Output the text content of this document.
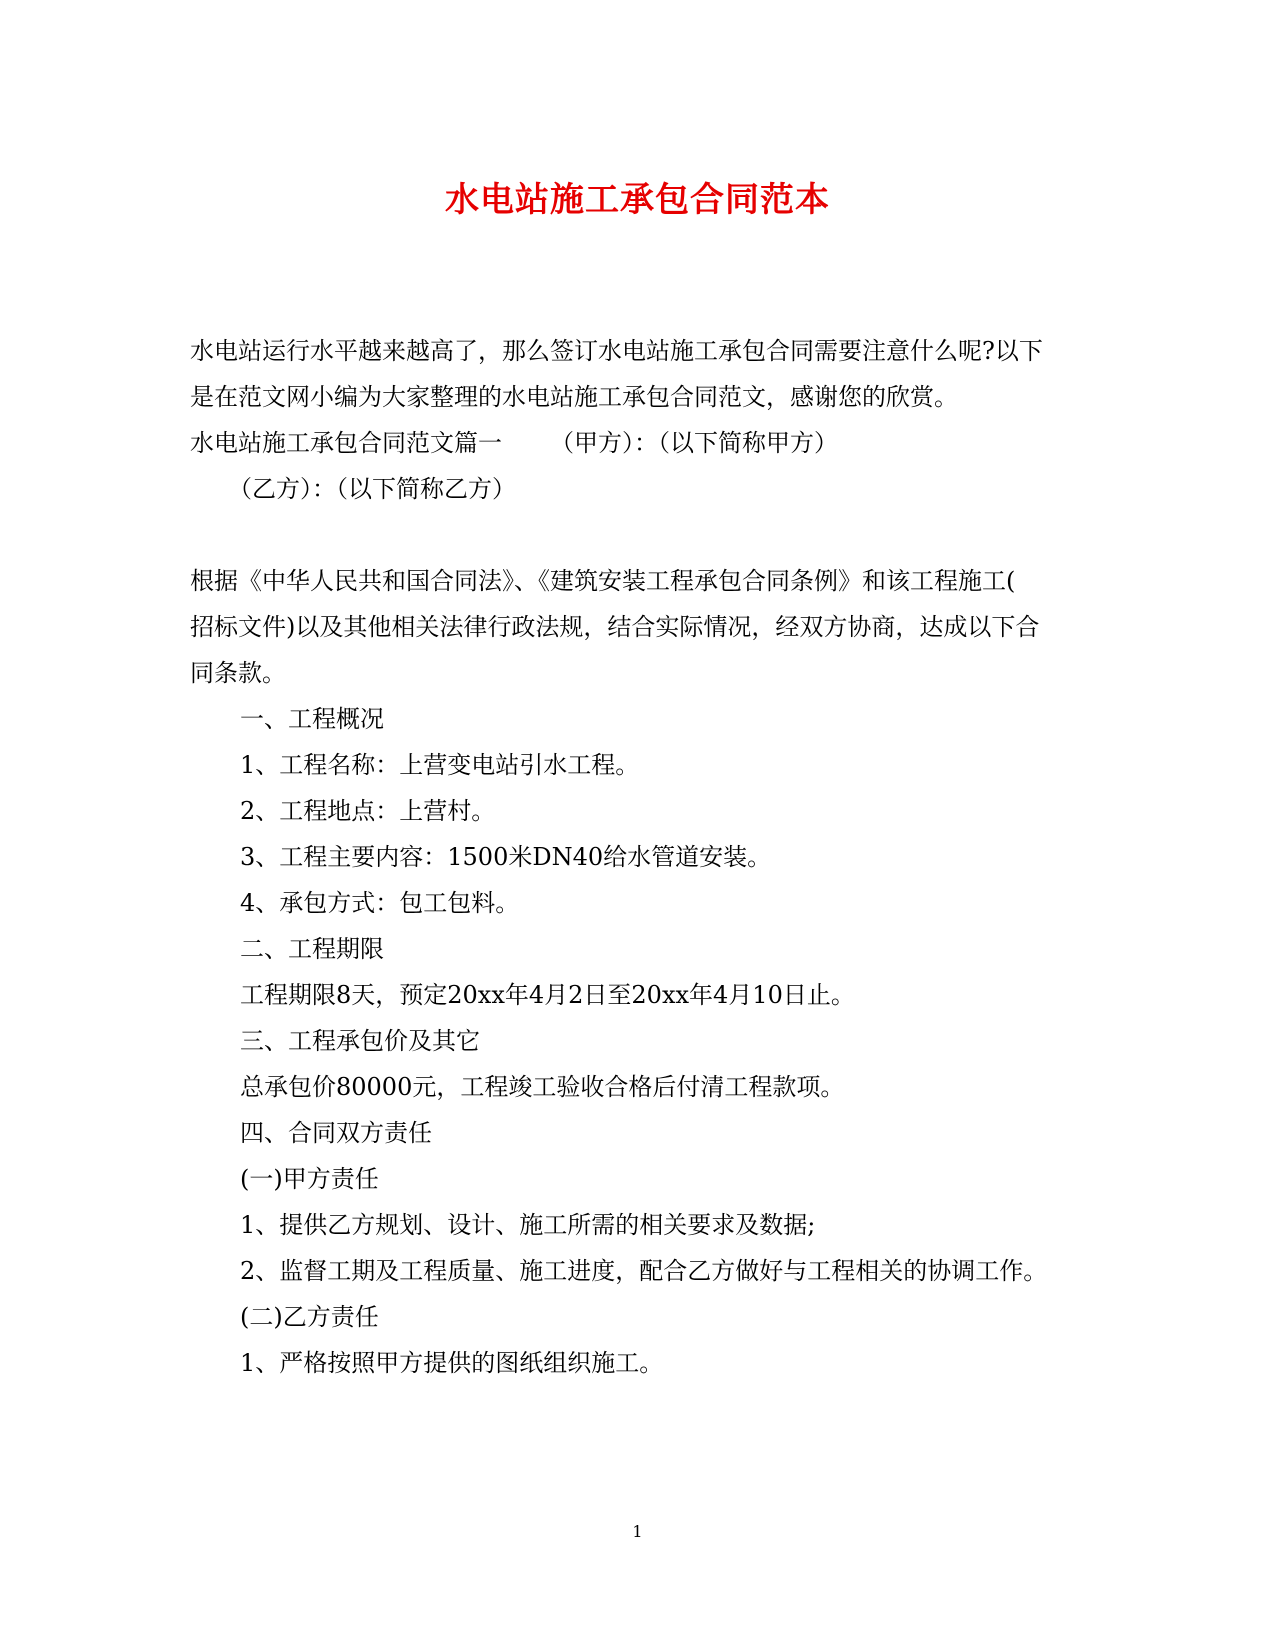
水电站施工承包合同范本
水电站运行水平越来越高了，那么签订水电站施工承包合同需要注意什么呢?以下
是在范文网小编为大家整理的水电站施工承包合同范文，感谢您的欣赏。
水电站施工承包合同范文篇一 （甲方）：（以下简称甲方）
（乙方）：（以下简称乙方）
根据《中华人民共和国合同法》、《建筑安装工程承包合同条例》和该工程施工(
招标文件)以及其他相关法律行政法规，结合实际情况，经双方协商，达成以下合
同条款。
一、工程概况
1、工程名称：上营变电站引水工程。
2、工程地点：上营村。
3、工程主要内容：1500米DN40给水管道安装。
4、承包方式：包工包料。
二、工程期限
工程期限8天，预定20xx年4月2日至20xx年4月10日止。
三、工程承包价及其它
总承包价80000元，工程竣工验收合格后付清工程款项。
四、合同双方责任
(一)甲方责任
1、提供乙方规划、设计、施工所需的相关要求及数据;
2、监督工期及工程质量、施工进度，配合乙方做好与工程相关的协调工作。
(二)乙方责任
1、严格按照甲方提供的图纸组织施工。
1
